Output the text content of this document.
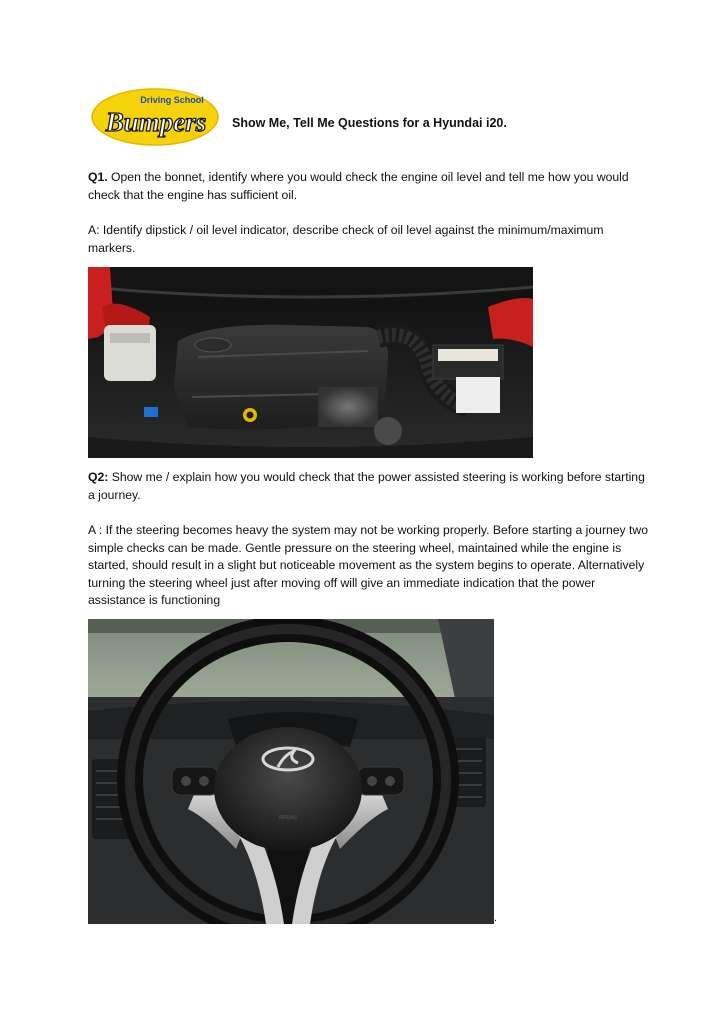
Driving School
Bumpers Show Me, Tell Me Questions for a Hyundai i20.
Q1. Open the bonnet, identify where you would check the engine oil level and tell me how you would check that the engine has sufficient oil.
A: Identify dipstick / oil level indicator, describe check of oil level against the minimum/maximum markers.
Q2: Show me / explain how you would check that the power assisted steering is working before starting a journey.
A : If the steering becomes heavy the system may not be working properly. Before starting a journey two simple checks can be made. Gentle pressure on the steering wheel, maintained while the engine is started, should result in a slight but noticeable movement as the system begins to operate. Alternatively turning the steering wheel just after moving off will give an immediate indication that the power assistance is functioning
AIRBAG
.
